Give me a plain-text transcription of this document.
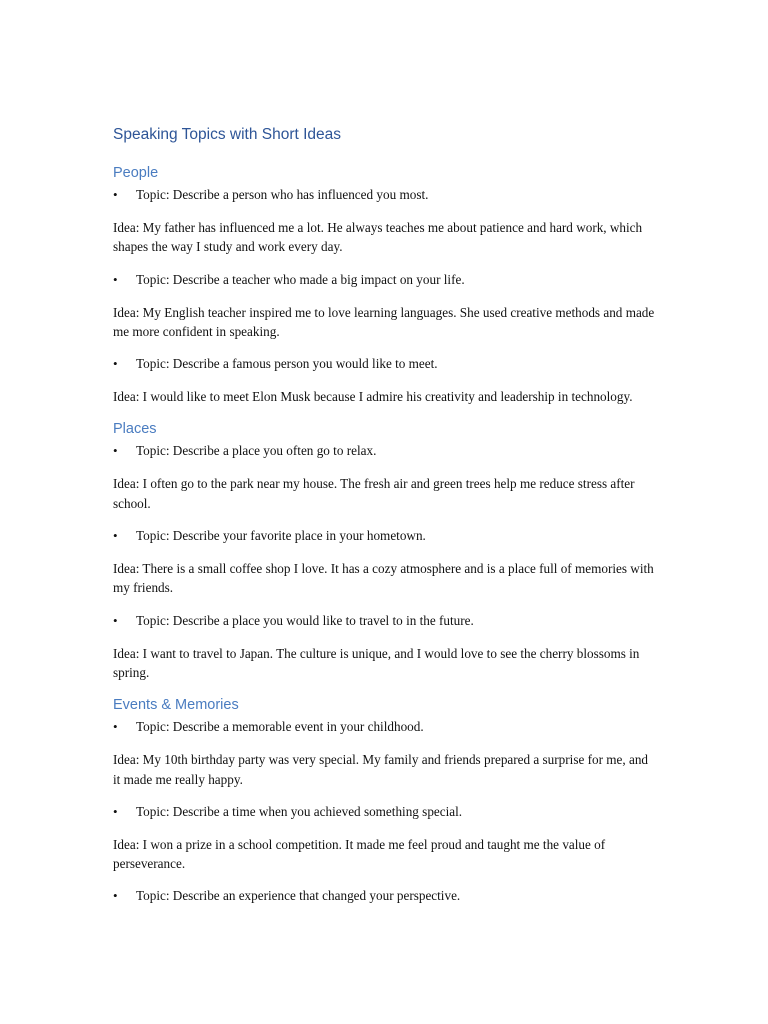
Speaking Topics with Short Ideas
People
• Topic: Describe a person who has influenced you most.

Idea: My father has influenced me a lot. He always teaches me about patience and hard work, which shapes the way I study and work every day.

• Topic: Describe a teacher who made a big impact on your life.

Idea: My English teacher inspired me to love learning languages. She used creative methods and made me more confident in speaking.

• Topic: Describe a famous person you would like to meet.

Idea: I would like to meet Elon Musk because I admire his creativity and leadership in technology.

Places
• Topic: Describe a place you often go to relax.

Idea: I often go to the park near my house. The fresh air and green trees help me reduce stress after school.

• Topic: Describe your favorite place in your hometown.

Idea: There is a small coffee shop I love. It has a cozy atmosphere and is a place full of memories with my friends.

• Topic: Describe a place you would like to travel to in the future.

Idea: I want to travel to Japan. The culture is unique, and I would love to see the cherry blossoms in spring.

Events & Memories
• Topic: Describe a memorable event in your childhood.

Idea: My 10th birthday party was very special. My family and friends prepared a surprise for me, and it made me really happy.

• Topic: Describe a time when you achieved something special.

Idea: I won a prize in a school competition. It made me feel proud and taught me the value of perseverance.

• Topic: Describe an experience that changed your perspective.
